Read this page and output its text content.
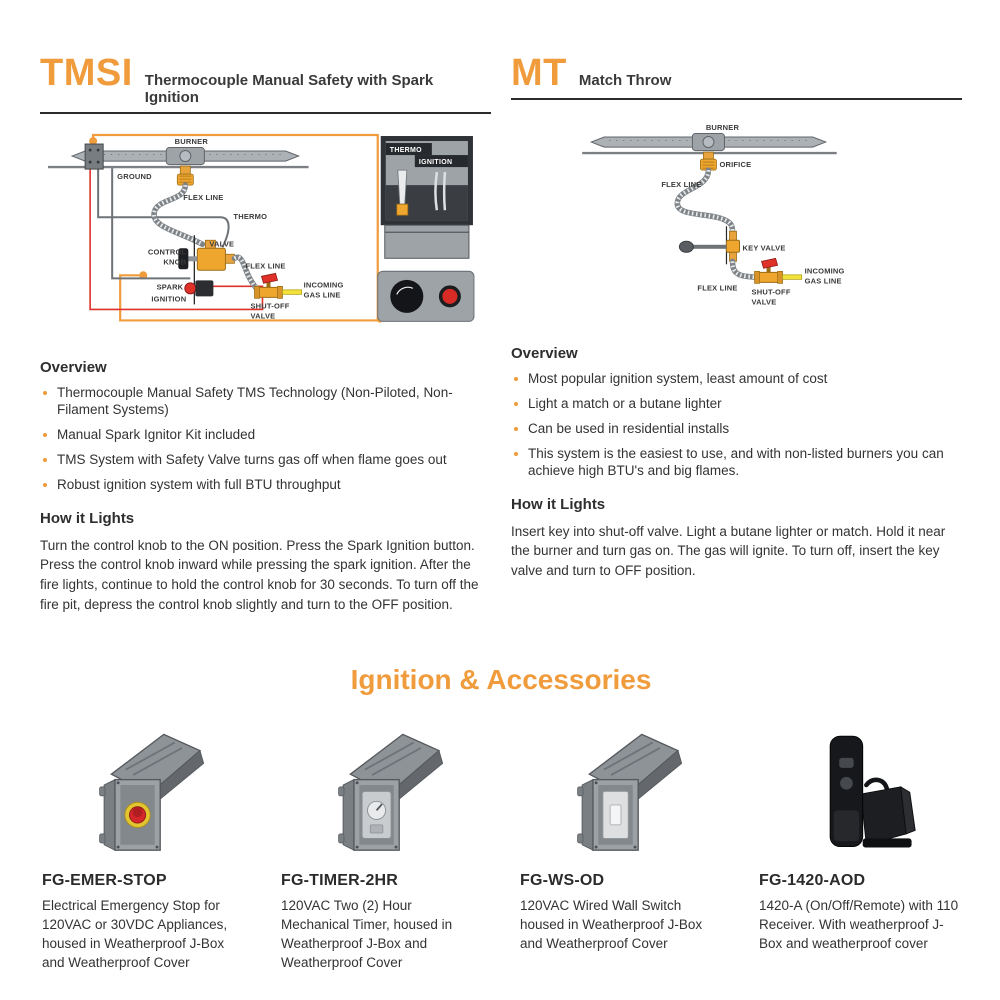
TMSI Thermocouple Manual Safety with Spark Ignition
THERMO
IGNITION
BURNER
GROUND
FLEX LINE
THERMO
CONTROL
KNOB
VALVE
FLEX LINE
SPARK
IGNITION
SHUT-OFF
VALVE
INCOMING
GAS LINE
Overview
Thermocouple Manual Safety TMS Technology (Non-Piloted, Non-Filament Systems)
Manual Spark Ignitor Kit included
TMS System with Safety Valve turns gas off when flame goes out
Robust ignition system with full BTU throughput
How it Lights

Turn the control knob to the ON position. Press the Spark Ignition button. Press the control knob inward while pressing the spark ignition. After the fire lights, continue to hold the control knob for 30 seconds. To turn off the fire pit, depress the control knob slightly and turn to the OFF position.

MT Match Throw
BURNER
ORIFICE
FLEX LINE
KEY VALVE
FLEX LINE SHUT-OFF
VALVE
INCOMING
GAS LINE
Overview
Most popular ignition system, least amount of cost
Light a match or a butane lighter
Can be used in residential installs
This system is the easiest to use, and with non-listed burners you can achieve high BTU's and big flames.
How it Lights

Insert key into shut-off valve. Light a butane lighter or match. Hold it near the burner and turn gas on. The gas will ignite. To turn off, insert the key valve and turn to OFF position.

Ignition & Accessories
FG-EMER-STOP

Electrical Emergency Stop for 120VAC or 30VDC Appliances, housed in Weatherproof J-Box and Weatherproof Cover

FG-TIMER-2HR

120VAC Two (2) Hour Mechanical Timer, housed in Weatherproof J-Box and Weatherproof Cover

FG-WS-OD

120VAC Wired Wall Switch housed in Weatherproof J-Box and Weatherproof Cover

FG-1420-AOD

1420-A (On/Off/Remote) with 110 Receiver. With weatherproof J-Box and weatherproof cover
